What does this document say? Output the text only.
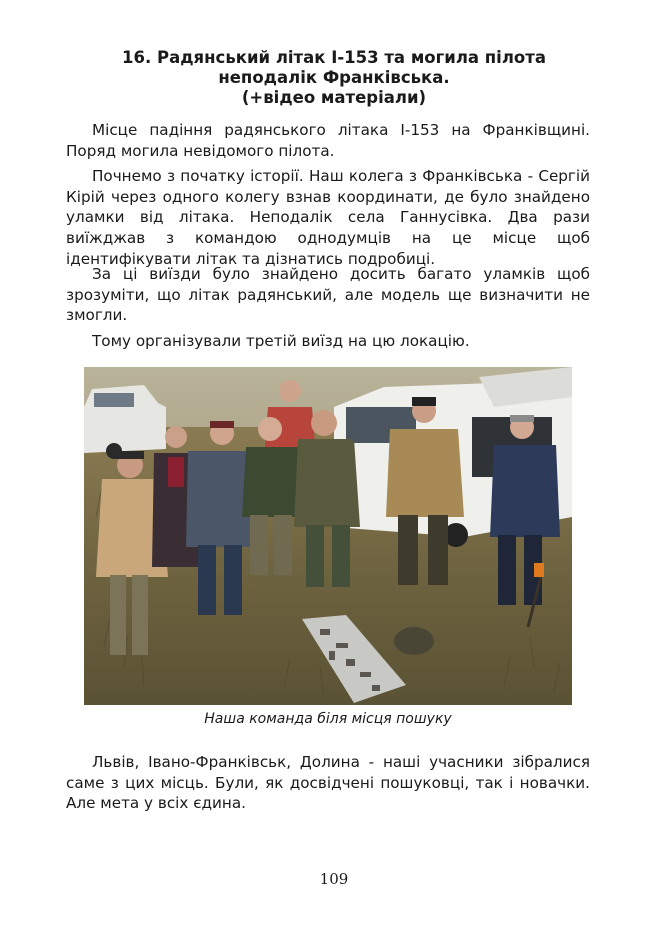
16. Радянський літак І-153 та могила пілота
неподалік Франківська.
(+відео матеріали)

Місце падіння радянського літака І-153 на Франківщині. Поряд могила невідомого пілота.

Почнемо з початку історії. Наш колега з Франківська - Сергій Кірій через одного колегу взнав координати, де було знайдено уламки від літака. Неподалік села Ганнусівка. Два рази виїжджав з командою однодумців на це місце щоб ідентифікувати літак та дізнатись подробиці.

За ці виїзди було знайдено досить багато уламків щоб зрозуміти, що літак радянський, але модель ще визначити не змогли.

Тому організували третій виїзд на цю локацію.

Наша команда біля місця пошуку

Львів, Івано-Франківськ, Долина - наші учасники зібралися саме з цих місць. Були, як досвідчені пошуковці, так і новачки. Але мета у всіх єдина.

109
